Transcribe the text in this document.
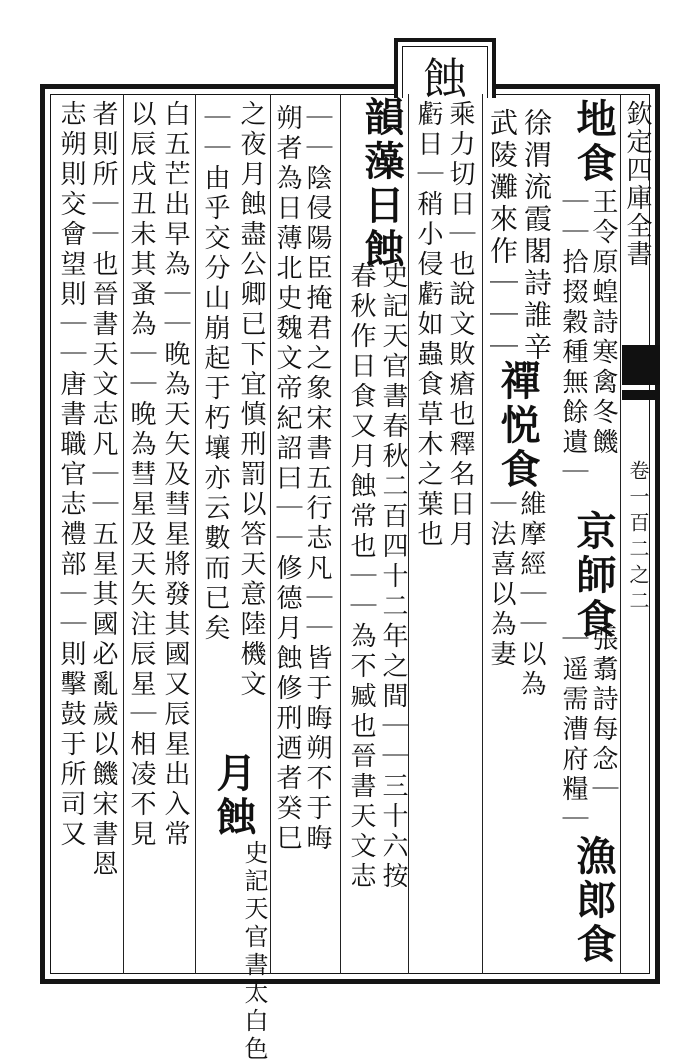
蝕
欽定四庫全書
卷一百二之二
地食
王令原蝗詩寒禽冬饑
｜｜拾掇穀種無餘遺｜
京師食
張翥詩每念｜
｜遥需漕府糧｜
漁郎食
徐渭流霞閣詩誰辛
武陵灘來作｜｜｜
禪悦食
維摩經｜｜以為
｜法喜以為妻
乘力切日｜也說文敗瘡也釋名日月
虧日｜稍小侵虧如蟲食草木之葉也
韻藻日蝕
史記天官書春秋二百四十二年之間｜｜三十六按
春秋作日食又月蝕常也｜｜為不臧也晉書天文志
｜｜陰侵陽臣掩君之象宋書五行志凡｜｜皆于晦朔不于晦
朔者為日薄北史魏文帝紀詔曰｜｜修德月蝕修刑迺者癸巳
之夜月蝕盡公卿已下宜慎刑罰以答天意陸機文
月蝕
史記天官書太白色
｜｜由乎交分山崩起于朽壤亦云數而已矣
白五芒出早為｜｜晚為天矢及彗星將發其國又辰星出入常
以辰戌丑未其蚤為｜｜晚為彗星及天矢注辰星｜相凌不見
者則所｜｜也晉書天文志凡｜｜五星其國必亂歲以饑宋書恩
志朔則交會望則｜｜唐書職官志禮部｜｜則擊鼓于所司又
